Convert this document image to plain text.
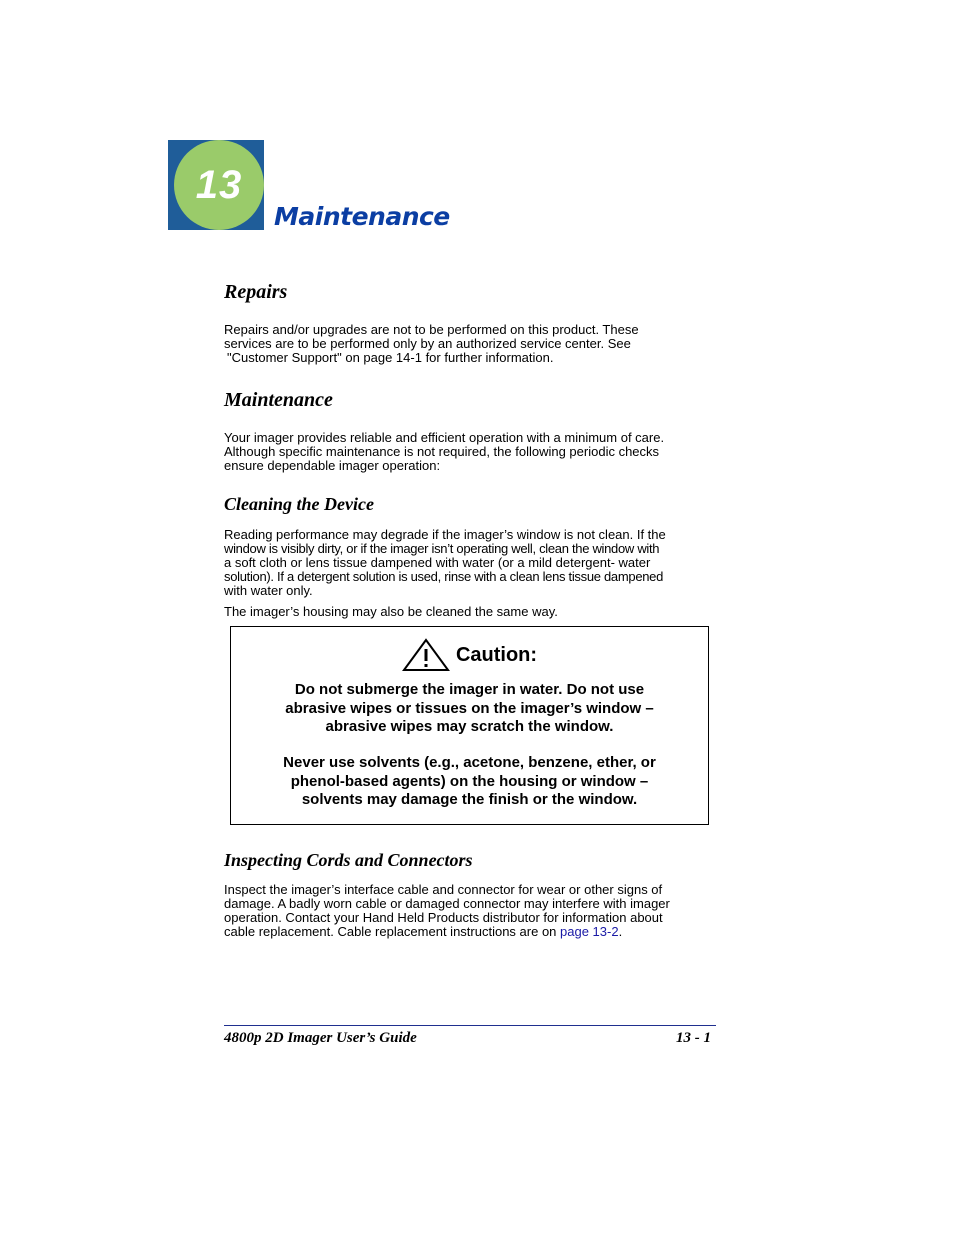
13
Maintenance
Repairs
Repairs and/or upgrades are not to be performed on this product. These
services are to be performed only by an authorized service center. See
"Customer Support" on page 14-1 for further information.
Maintenance
Your imager provides reliable and efficient operation with a minimum of care.
Although specific maintenance is not required, the following periodic checks
ensure dependable imager operation:
Cleaning the Device
Reading performance may degrade if the imager’s window is not clean. If the
window is visibly dirty, or if the imager isn’t operating well, clean the window with
a soft cloth or lens tissue dampened with water (or a mild detergent- water
solution). If a detergent solution is used, rinse with a clean lens tissue dampened
with water only.
The imager’s housing may also be cleaned the same way.
Caution:
Do not submerge the imager in water. Do not use
abrasive wipes or tissues on the imager’s window –
abrasive wipes may scratch the window.
Never use solvents (e.g., acetone, benzene, ether, or
phenol-based agents) on the housing or window –
solvents may damage the finish or the window.
Inspecting Cords and Connectors
Inspect the imager’s interface cable and connector for wear or other signs of
damage. A badly worn cable or damaged connector may interfere with imager
operation. Contact your Hand Held Products distributor for information about
cable replacement. Cable replacement instructions are on page 13-2.
4800p 2D Imager User’s Guide	13 - 1
